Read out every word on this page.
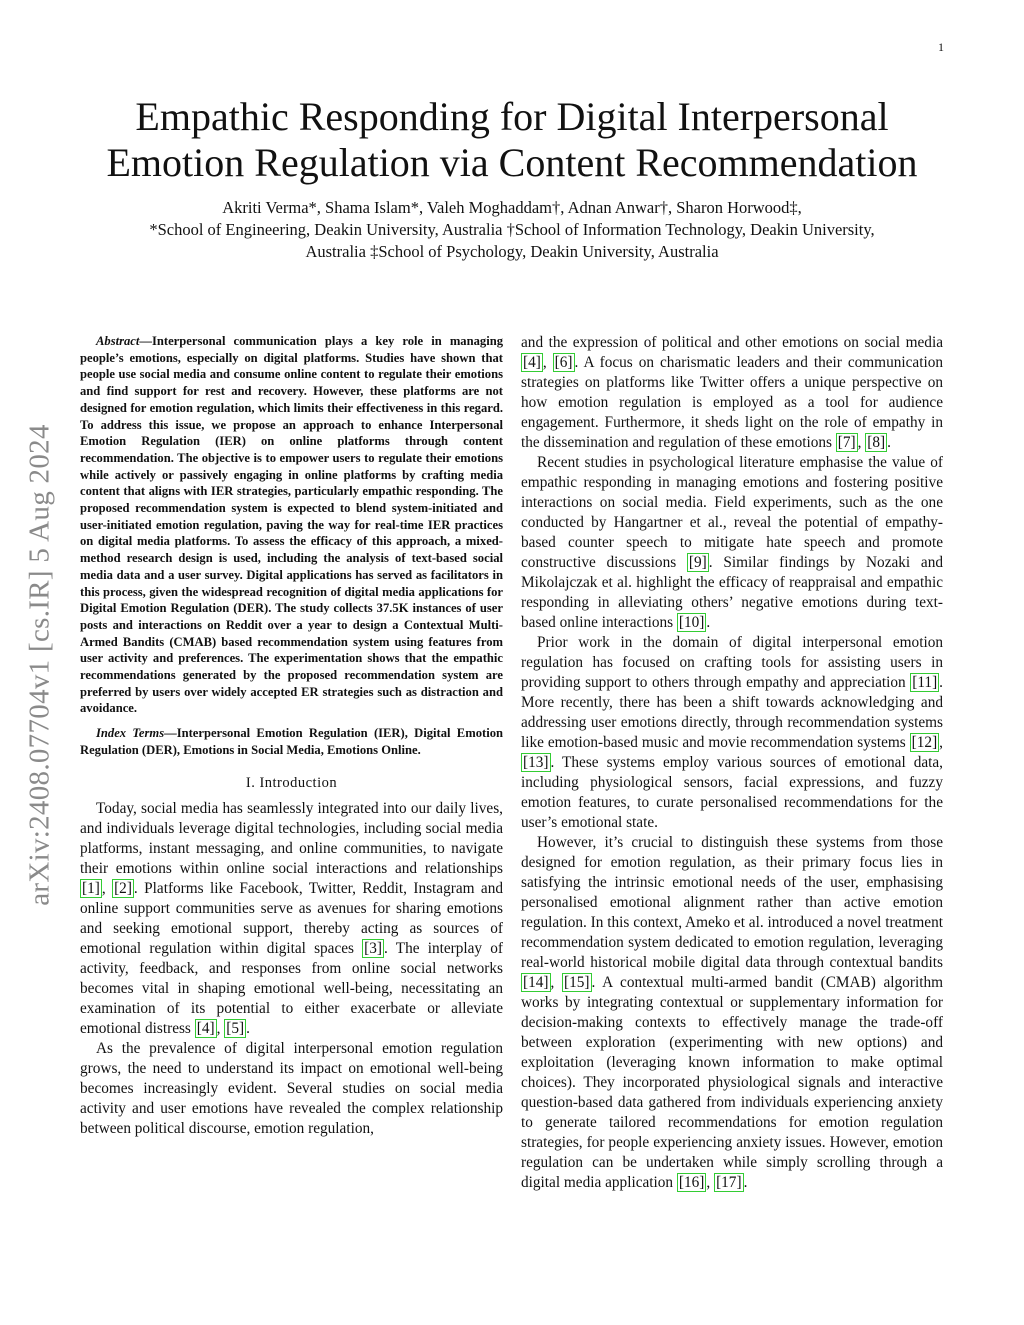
1
arXiv:2408.07704v1 [cs.IR] 5 Aug 2024
Empathic Responding for Digital Interpersonal Emotion Regulation via Content Recommendation
Akriti Verma*, Shama Islam*, Valeh Moghaddam†, Adnan Anwar†, Sharon Horwood‡,
*School of Engineering, Deakin University, Australia †School of Information Technology, Deakin University,
Australia ‡School of Psychology, Deakin University, Australia

Abstract—Interpersonal communication plays a key role in managing people’s emotions, especially on digital platforms. Studies have shown that people use social media and consume online content to regulate their emotions and find support for rest and recovery. However, these platforms are not designed for emotion regulation, which limits their effectiveness in this regard. To address this issue, we propose an approach to enhance Interpersonal Emotion Regulation (IER) on online platforms through content recommendation. The objective is to empower users to regulate their emotions while actively or passively engaging in online platforms by crafting media content that aligns with IER strategies, particularly empathic responding. The proposed recommendation system is expected to blend system-initiated and user-initiated emotion regulation, paving the way for real-time IER practices on digital media platforms. To assess the efficacy of this approach, a mixed-method research design is used, including the analysis of text-based social media data and a user survey. Digital applications has served as facilitators in this process, given the widespread recognition of digital media applications for Digital Emotion Regulation (DER). The study collects 37.5K instances of user posts and interactions on Reddit over a year to design a Contextual Multi-Armed Bandits (CMAB) based recommendation system using features from user activity and preferences. The experimentation shows that the empathic recommendations generated by the proposed recommendation system are preferred by users over widely accepted ER strategies such as distraction and avoidance.

Index Terms—Interpersonal Emotion Regulation (IER), Digital Emotion Regulation (DER), Emotions in Social Media, Emotions Online.

I. Introduction

Today, social media has seamlessly integrated into our daily lives, and individuals leverage digital technologies, including social media platforms, instant messaging, and online communities, to navigate their emotions within online social interactions and relationships [1] , [2] . Platforms like Facebook, Twitter, Reddit, Instagram and online support communities serve as avenues for sharing emotions and seeking emotional support, thereby acting as sources of emotional regulation within digital spaces [3] . The interplay of activity, feedback, and responses from online social networks becomes vital in shaping emotional well-being, necessitating an examination of its potential to either exacerbate or alleviate emotional distress [4] , [5] .

As the prevalence of digital interpersonal emotion regulation grows, the need to understand its impact on emotional well-being becomes increasingly evident. Several studies on social media activity and user emotions have revealed the complex relationship between political discourse, emotion regulation,

and the expression of political and other emotions on social media [4] , [6] . A focus on charismatic leaders and their communication strategies on platforms like Twitter offers a unique perspective on how emotion regulation is employed as a tool for audience engagement. Furthermore, it sheds light on the role of empathy in the dissemination and regulation of these emotions [7] , [8] .

Recent studies in psychological literature emphasise the value of empathic responding in managing emotions and fostering positive interactions on social media. Field experiments, such as the one conducted by Hangartner et al., reveal the potential of empathy-based counter speech to mitigate hate speech and promote constructive discussions [9] . Similar findings by Nozaki and Mikolajczak et al. highlight the efficacy of reappraisal and empathic responding in alleviating others’ negative emotions during text-based online interactions [10] .

Prior work in the domain of digital interpersonal emotion regulation has focused on crafting tools for assisting users in providing support to others through empathy and appreciation [11] . More recently, there has been a shift towards acknowledging and addressing user emotions directly, through recommendation systems like emotion-based music and movie recommendation systems [12] , [13] . These systems employ various sources of emotional data, including physiological sensors, facial expressions, and fuzzy emotion features, to curate personalised recommendations for the user’s emotional state.

However, it’s crucial to distinguish these systems from those designed for emotion regulation, as their primary focus lies in satisfying the intrinsic emotional needs of the user, emphasising personalised emotional alignment rather than active emotion regulation. In this context, Ameko et al. introduced a novel treatment recommendation system dedicated to emotion regulation, leveraging real-world historical mobile digital data through contextual bandits [14] , [15] . A contextual multi-armed bandit (CMAB) algorithm works by integrating contextual or supplementary information for decision-making contexts to effectively manage the trade-off between exploration (experimenting with new options) and exploitation (leveraging known information to make optimal choices). They incorporated physiological signals and interactive question-based data gathered from individuals experiencing anxiety to generate tailored recommendations for emotion regulation strategies, for people experiencing anxiety issues. However, emotion regulation can be undertaken while simply scrolling through a digital media application [16] , [17] .
